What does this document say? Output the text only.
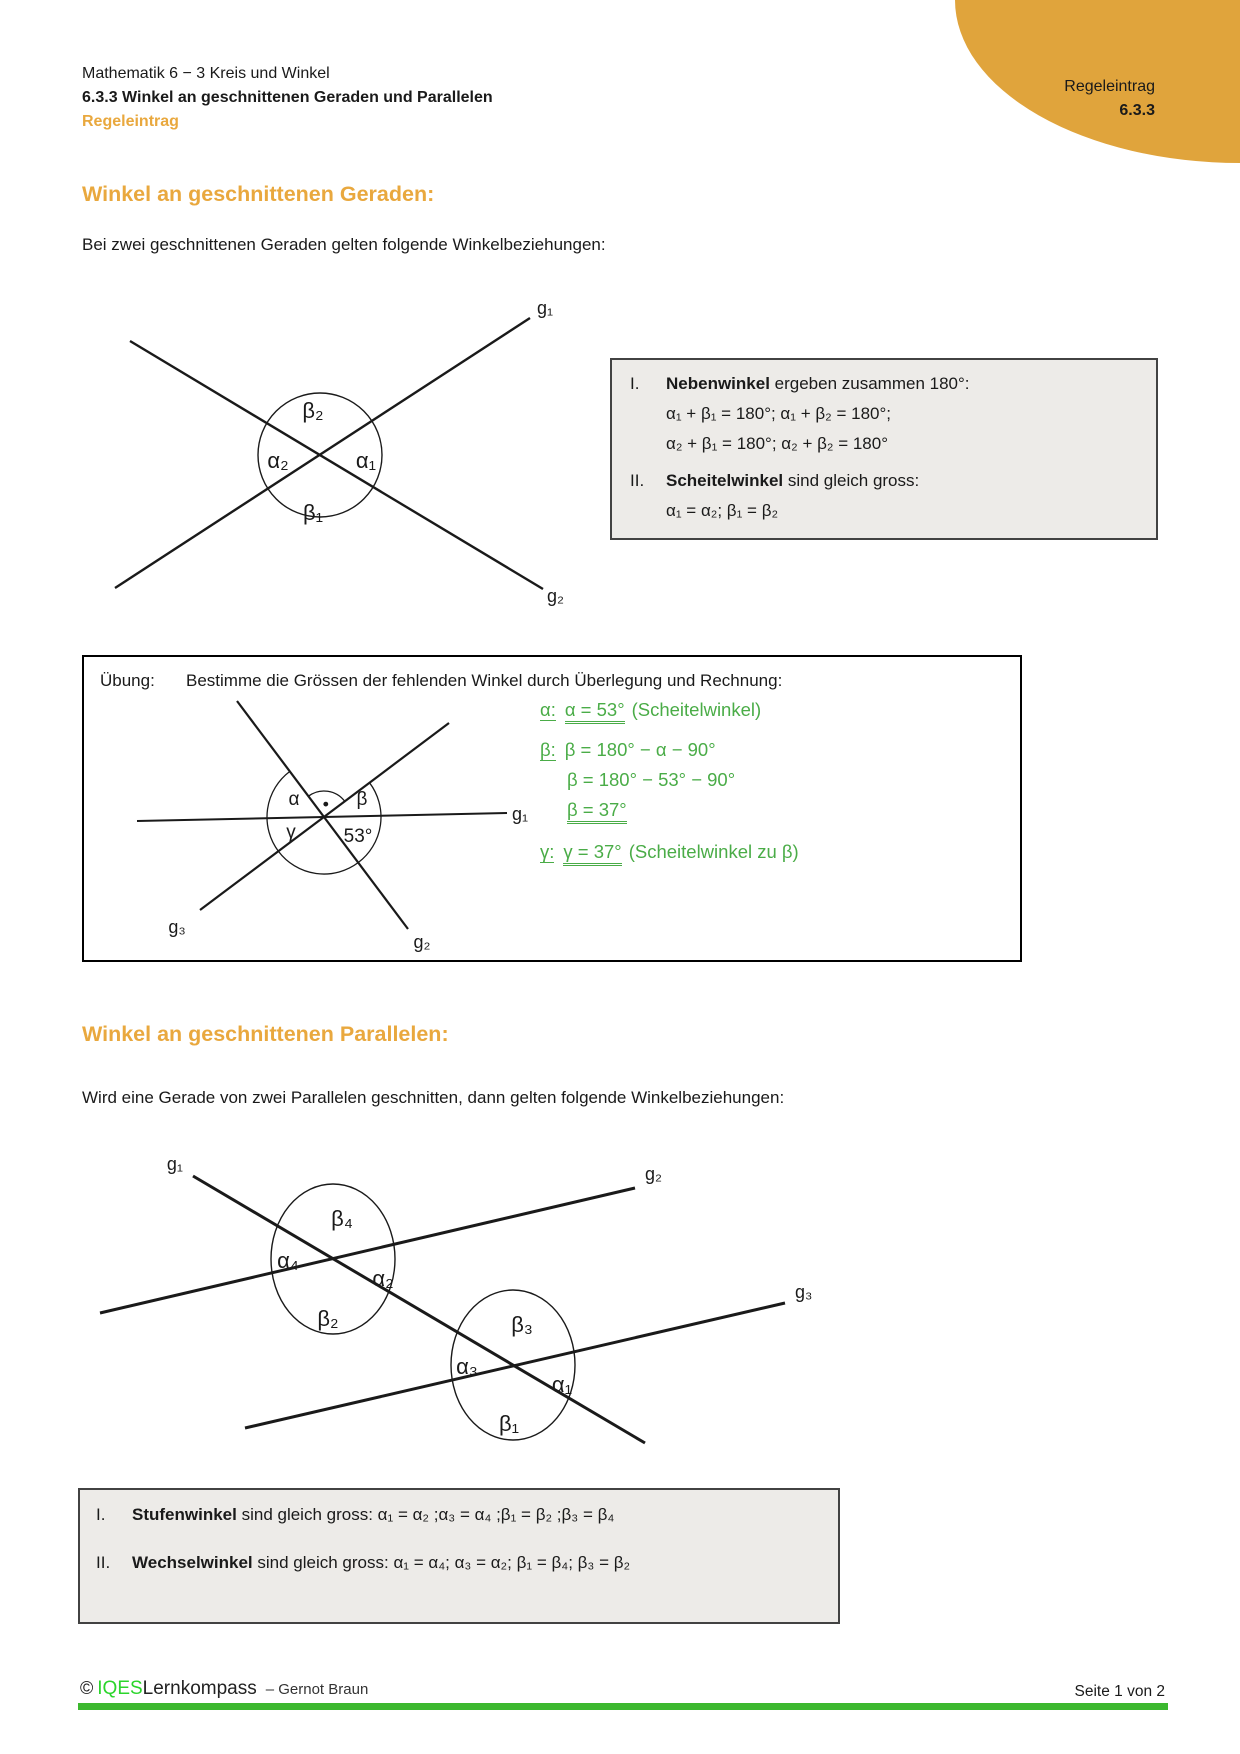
Regeleintrag
6.3.3
Mathematik 6 − 3 Kreis und Winkel
6.3.3 Winkel an geschnittenen Geraden und Parallelen
Regeleintrag
Winkel an geschnittenen Geraden:
Bei zwei geschnittenen Geraden gelten folgende Winkelbeziehungen:
g₁
g₂
β₂
α₂	α₁
β₁
I.	Nebenwinkel ergeben zusammen 180°:
α₁ + β₁ = 180°; α₁ + β₂ = 180°;
α₂ + β₁ = 180°; α₂ + β₂ = 180°
II.	Scheitelwinkel sind gleich gross:
α₁ = α₂; β₁ = β₂
Übung: Bestimme die Grössen der fehlenden Winkel durch Überlegung und Rechnung:
α	β
γ	53°
g₁
g₂
g₃
α: α = 53° (Scheitelwinkel)
β: β = 180° − α − 90°
β = 180° − 53° − 90°
β = 37°
γ: γ = 37° (Scheitelwinkel zu β)
Winkel an geschnittenen Parallelen:
Wird eine Gerade von zwei Parallelen geschnitten, dann gelten folgende Winkelbeziehungen:
g₁	g₂
g₃
β₄
α₄
α₂
β₂	β₃
α₃
α₁
β₁
I.	Stufenwinkel sind gleich gross: α₁ = α₂ ;α₃ = α₄ ;β₁ = β₂ ;β₃ = β₄
II.	Wechselwinkel sind gleich gross: α₁ = α₄; α₃ = α₂; β₁ = β₄; β₃ = β₂
© IQESLernkompass – Gernot Braun	Seite 1 von 2
